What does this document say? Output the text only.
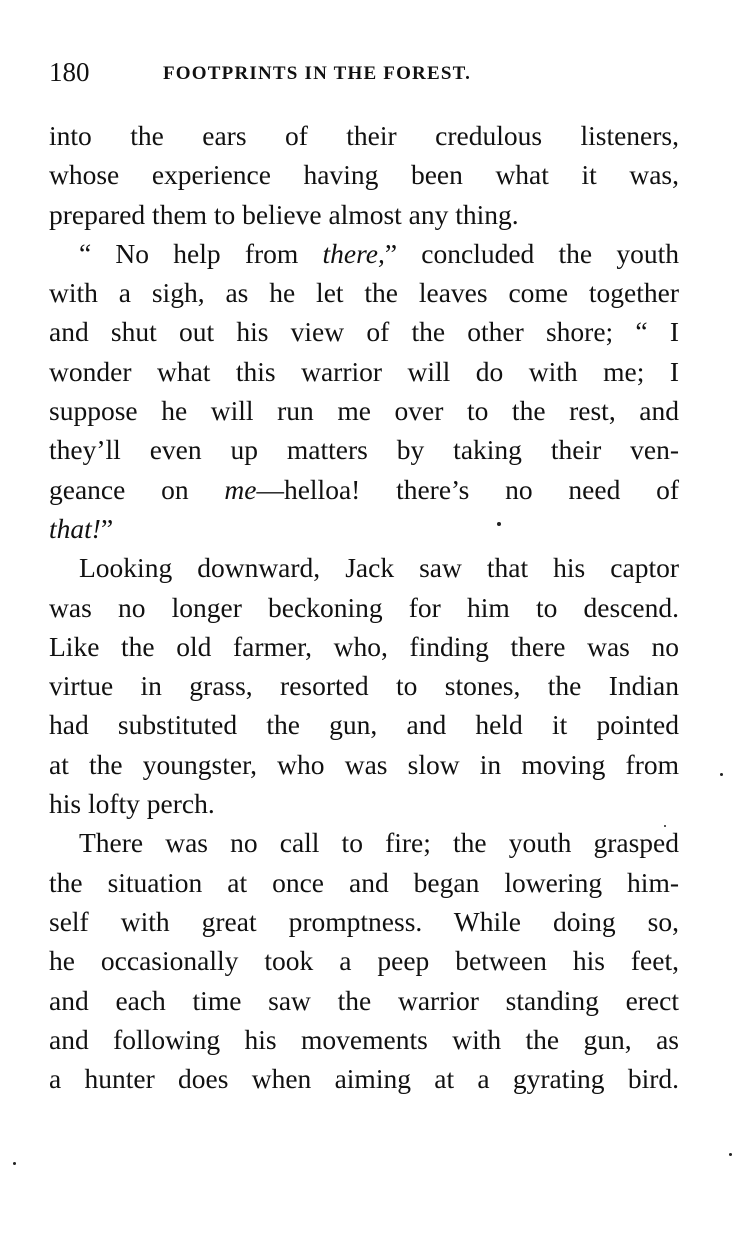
180	FOOTPRINTS IN THE FOREST.
into the ears of their credulous listeners,
whose experience having been what it was,
prepared them to believe almost any thing.
“ No help from there,” concluded the youth
with a sigh, as he let the leaves come together
and shut out his view of the other shore; “ I
wonder what this warrior will do with me; I
suppose he will run me over to the rest, and
they’ll even up matters by taking their ven-
geance on me—helloa! there’s no need of
that!”
Looking downward, Jack saw that his captor
was no longer beckoning for him to descend.
Like the old farmer, who, finding there was no
virtue in grass, resorted to stones, the Indian
had substituted the gun, and held it pointed
at the youngster, who was slow in moving from
his lofty perch.
There was no call to fire; the youth grasped
the situation at once and began lowering him-
self with great promptness. While doing so,
he occasionally took a peep between his feet,
and each time saw the warrior standing erect
and following his movements with the gun, as
a hunter does when aiming at a gyrating bird.
